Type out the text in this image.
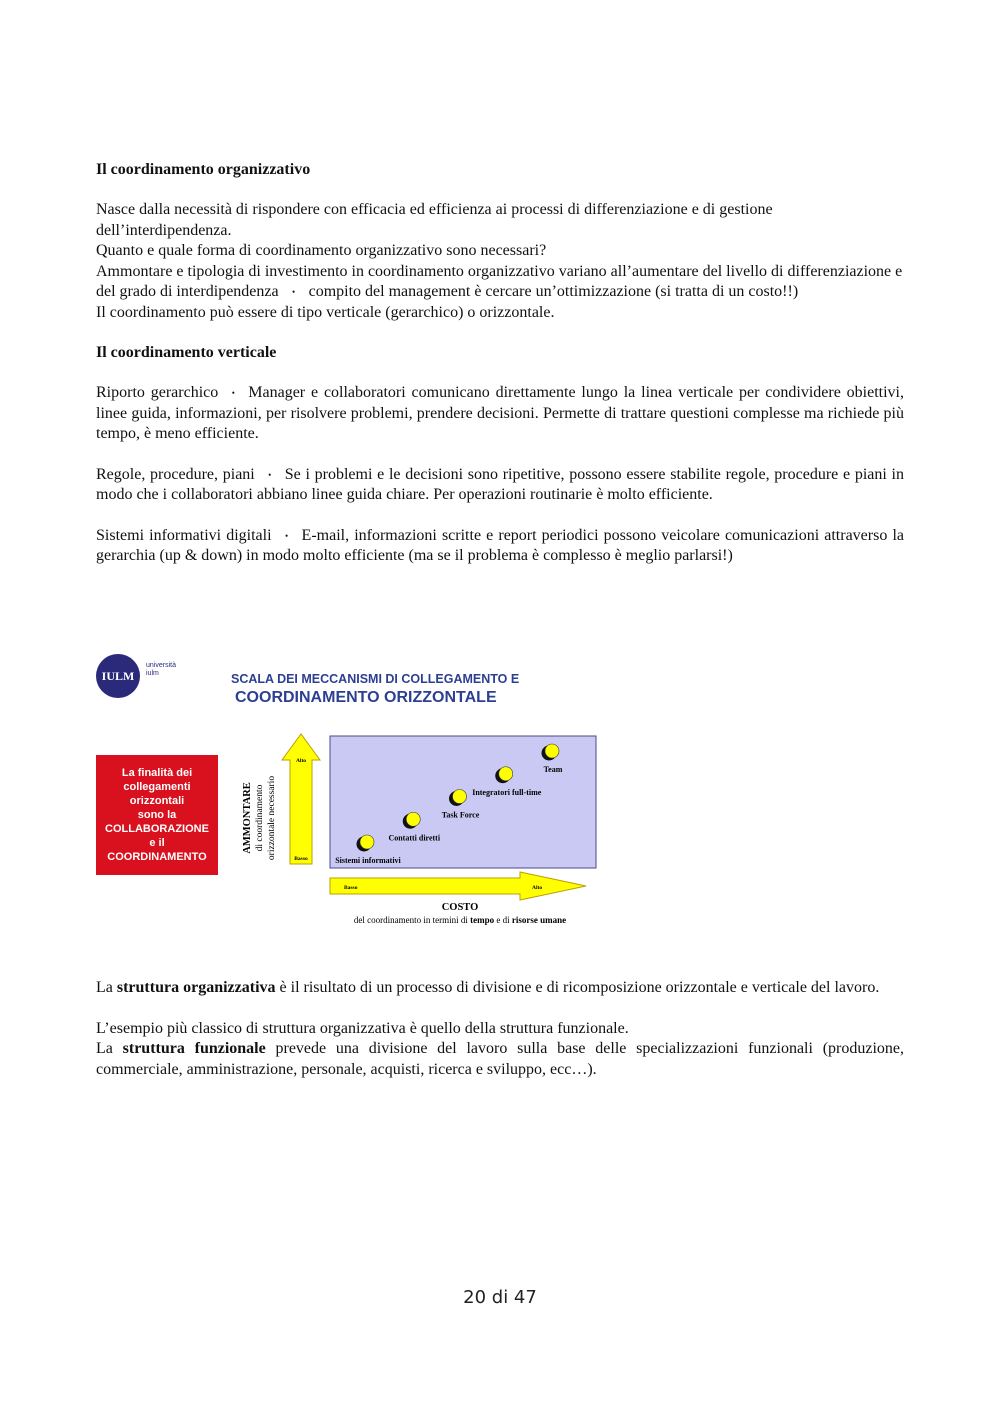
Il coordinamento organizzativo

Nasce dalla necessità di rispondere con efficacia ed efficienza ai processi di differenziazione e di gestione dell’interdipendenza.

Quanto e quale forma di coordinamento organizzativo sono necessari?

Ammontare e tipologia di investimento in coordinamento organizzativo variano all’aumentare del livello di differenziazione e del grado di interdipendenza • compito del management è cercare un’ottimizzazione (si tratta di un costo!!)

Il coordinamento può essere di tipo verticale (gerarchico) o orizzontale.

Il coordinamento verticale

Riporto gerarchico • Manager e collaboratori comunicano direttamente lungo la linea verticale per condividere obiettivi, linee guida, informazioni, per risolvere problemi, prendere decisioni. Permette di trattare questioni complesse ma richiede più tempo, è meno efficiente.

Regole, procedure, piani • Se i problemi e le decisioni sono ripetitive, possono essere stabilite regole, procedure e piani in modo che i collaboratori abbiano linee guida chiare. Per operazioni routinarie è molto efficiente.

Sistemi informativi digitali • E-mail, informazioni scritte e report periodici possono veicolare comunicazioni attraverso la gerarchia (up & down) in modo molto efficiente (ma se il problema è complesso è meglio parlarsi!)

IULM
università
iulm	SCALA DEI MECCANISMI DI COLLEGAMENTO E
COORDINAMENTO ORIZZONTALE
La finalità dei
collegamenti
orizzontali
sono la
COLLABORAZIONE
e il
COORDINAMENTO
Alto
Basso
AMMONTARE di coordinamento orizzontale necessario
Basso	Alto
COSTO
del coordinamento in termini di tempo e di risorse umane
Sistemi informativi
Contatti diretti
Task Force
Integratori full-time
Team

La struttura organizzativa è il risultato di un processo di divisione e di ricomposizione orizzontale e verticale del lavoro.

L’esempio più classico di struttura organizzativa è quello della struttura funzionale.

La struttura funzionale prevede una divisione del lavoro sulla base delle specializzazioni funzionali (produzione, commerciale, amministrazione, personale, acquisti, ricerca e sviluppo, ecc…).

20 di 47
